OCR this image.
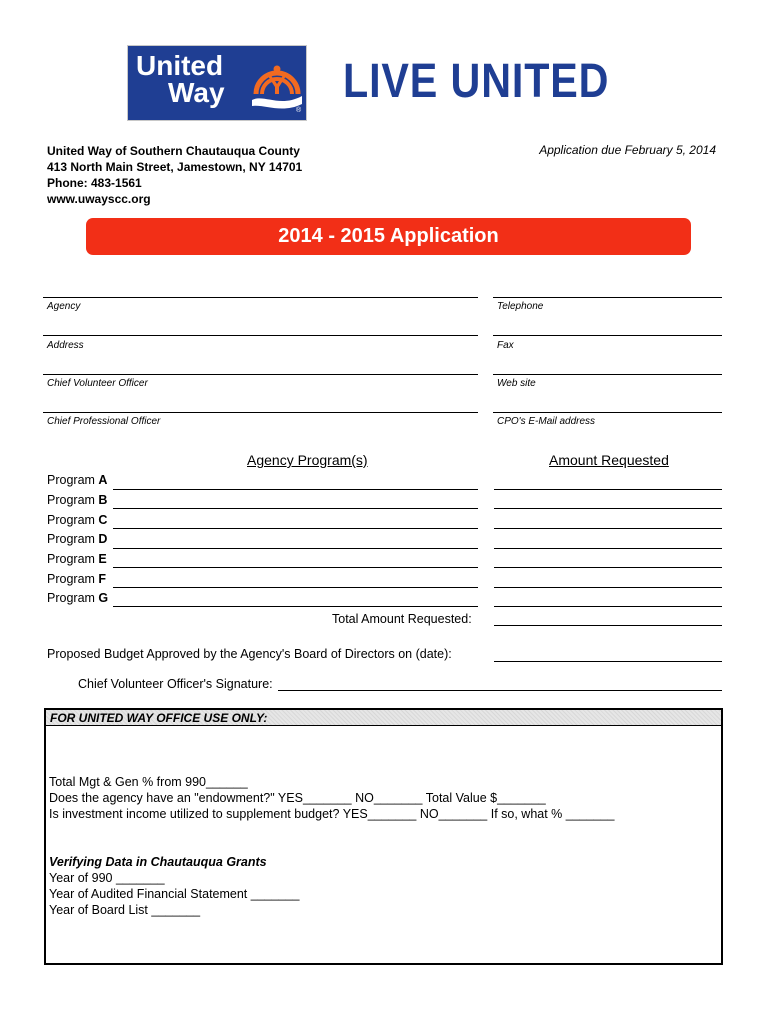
United
Way
®
LIVE UNITED
United Way of Southern Chautauqua County
413 North Main Street, Jamestown, NY 14701
Phone: 483-1561
www.uwayscc.org
Application due February 5, 2014
2014 - 2015 Application
Agency	Telephone
Address	Fax
Chief Volunteer Officer	Web site
Chief Professional Officer	CPO's E-Mail address
Agency Program(s)	Amount Requested
Program A
Program B
Program C
Program D
Program E
Program F
Program G
Total Amount Requested:
Proposed Budget Approved by the Agency's Board of Directors on (date):
Chief Volunteer Officer's Signature:
FOR UNITED WAY OFFICE USE ONLY:
Total Mgt & Gen % from 990______
Does the agency have an "endowment?" YES_______ NO_______ Total Value $_______
Is investment income utilized to supplement budget? YES_______ NO_______ If so, what % _______
Verifying Data in Chautauqua Grants
Year of 990 _______
Year of Audited Financial Statement _______
Year of Board List _______
